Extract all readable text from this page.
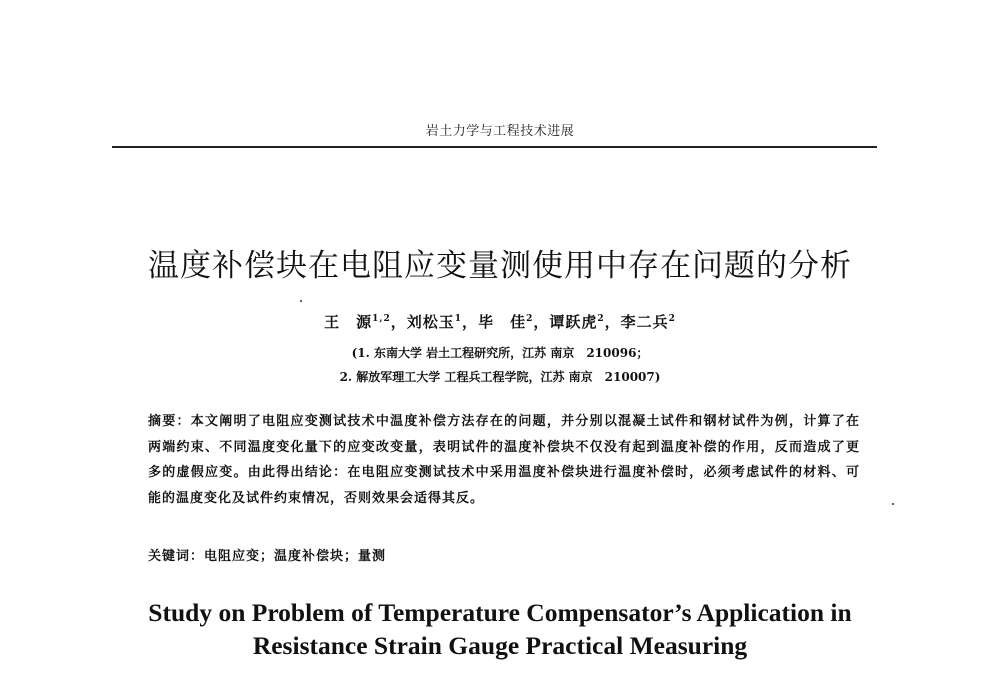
岩土力学与工程技术进展
温度补偿块在电阻应变量测使用中存在问题的分析
王　源$^{1,2}$，刘松玉$^1$，毕　佳$^2$，谭跃虎$^2$，李二兵$^2$
(1. 东南大学 岩土工程研究所，江苏 南京　210096；
2. 解放军理工大学 工程兵工程学院，江苏 南京　210007)
摘要：本文阐明了电阻应变测试技术中温度补偿方法存在的问题，并分别以混凝土试件和钢材试件为例，计算了在两端约束、不同温度变化量下的应变改变量，表明试件的温度补偿块不仅没有起到温度补偿的作用，反而造成了更多的虚假应变。由此得出结论：在电阻应变测试技术中采用温度补偿块进行温度补偿时，必须考虑试件的材料、可能的温度变化及试件约束情况，否则效果会适得其反。
关键词：电阻应变；温度补偿块；量测
Study on Problem of Temperature Compensator’s Application in
Resistance Strain Gauge Practical Measuring
